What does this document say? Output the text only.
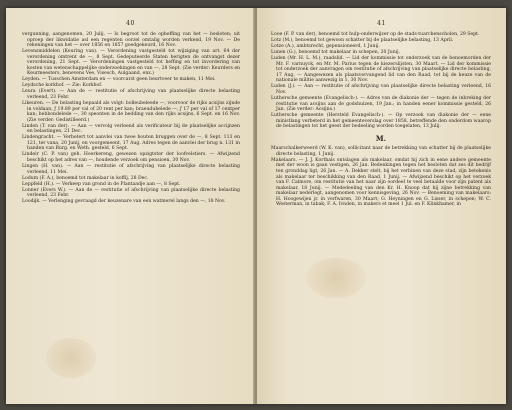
40

vergunning, aangenomen, 20 Julij. — Is begroot tot de opheffing van het — besloten; uit oproep der likwidatie asl een regenten oorzel omtalig worden verkend, 19 Nov. — De rekeningen van het — over 1856 en 1857 goedgekeurd, 16 Nov.

Levensmiddelen (Keuring van). — Verordening vastgesteld tot wijziging van art. 64 der verordening omtrent de —, 8 Sept. Gedeputeerde Staten berigten de ontvangst dezer verordening, 21 Sept. — Verordeningen vastgesteld tot heffing en tot invordering van kosten van wetenschappelijke onderzoekingen en van —, 28 Sept. (Zie verder: Keurders en Keurmeesters, benevens Vee, Visesch, Aulgaand, enz.)

Leyden. — Tusschen Amsterdam en — voorcarst geen beurtveer te maken, 11 Mei.

Leydsche korkhof. — Zie: Korkhof.

Leura (Evert). — Aan de — restitutie of afschrijving van plaatselijke directe belasting verleend, 23 Febr.

Likeuren. — De belasting bepaald als volgt: bolleubeleede —, voorvoor de rijks acsijns zijnde in voldaan, ƒ 19.89 per val of 20 rent per kan; braeudubelede —, ƒ 17 per val of 17 centper kan; hebbondelede —, 30 speonten in de bedding van den rijks acsijns, 6 Sept. en 16 Nov. (Zie verder: Gedistilleerd.)

Linden (T. van der). — Aan — vervolg verleend als verificateur bij de plaatselijke accijnzen en belastingen, 21 Dec.

Lindengracht. — Verbetert tot aanvlei van twee houten bruggen over de —, 8 Sept. 113 en 121, ter vana, 20 Junij, en voorgemeent, 17 Aug. Adres tegen de aanvlei der brug n. 131 in handen van Burg. en Weth. gesteld, 6 Sept.

Lindeir (C. P. van) geh. Hoerkereng, gewezen opzigtster der loofvelstiers. — Afwijzend beschikt op het adres van —, houdende verzoek om pensioen, 30 Nov.

Lingen (H. van). — Aan — restitutie of afschrijving van plaatselijke directe belasting verleend, 11 Mei.

Lodum (F. A.), benoemd tot makelaar in koffij, 28 Dec.

Leppfeld (H.). — Verkeep van grond in de Plantaadje aan —, 8 Sept.

Lonner (Evers W.). — Aan de — restitutie of afschrijving van plaatselijke directe belasting verleend, 23 Febr.

Loodijk. — Verlenging gevraagd der keuzenare van een watmerel langs den —, 18 Nov.

41

Looe (F. P. van der), benoemd tot hulp-onderwijzer op de stads-tuarchenscholen, 29 Sept.

Lotz (M.), benoemd tot gewoon schatter bij de plaatselijke belasting, 13 April.

Lotze (A.), ambtsrecht, gepensioneerd, 1 Junij.

Lunen (G.), benoemd tot makelaar in schepen, 20 Junij.

Luden (Mr. H. L. M.), raadslid. — Lid der kommissie tot onderzoek van de benoemorden der Mr. F. varnuyck, en Mr. M. Parius tegen de kiezerslijsten, 30 Maart. — Lid der kommissie tot onderzoek der aanvragen om restitutie of afschrijving van plaatselijke directe belasting, 17 Aug. — Aangewezen als plaatsvervangend lid van den Raad, tot bij de keuze van de nationale militie aanwezig in 1, 30 Nov.

Luden (J.). — Aan — restitutie of afschrijving van plaatselijke directe belasting verleend, 16 Nov.

Luthersche gemeente (Evangelisch-). — Adres van de diakonie der — tegen de inbreking der restitutie van acsijns aan de godshuizen, 19 Jan.; in handen eener kommissie gesteld, 26 Jan. (Zie verder: Acsijns.)

Luthersche gemeente (Hersteld Evangelisch-). — Op verzoek van diakonie der — eene ministlang verbeterd in het gemeenteverslag over 1858, betreffende den onderdom waarop de belastingen tot het geest der bedeeling worden toegelaten, 13 Julij.

M.

Maarschalkerweerd (W. K. van), sollicitant naar de betrekking van schatter bij de plaatselijke directe belasting, 1 Junij.

Makelaars. — J. J. Korthals ontslagen als makelaar, omdat hij zich in eene andere gemeente met der woon is gaan vestigen, 26 Jan. Bedenkingen tegen het besloten dat zes dit bedrijf ten gronddag ligt, 26 Jan. — A. Dekker stelt, bij het verbinen van deze stad, zijn betekenis als makelaar ter beschikking van den Raad, 1 Junij. — Afwijzend beschikt op het verzoek van F. Calmore, om restitutie van het naar zijn oordeel te veel betaalde voor zijn patent als makelaar, 18 Junij. — Mededeeling van den Kr. H. Knoop dat hij zijne betrekking van makelaar nederlegt, aangenomen voor kennisgeving, 26 Nov. — Benoeming van makelaars: H. Hoogewijen jr. in verfwaren, 30 Maart; G. Heyningen en G. Lisser, in schepen; W. C. Westerman, in tabak; F. A. Ivnden, in makers et meel 1 Jul. en F. Klinkhamer, in
